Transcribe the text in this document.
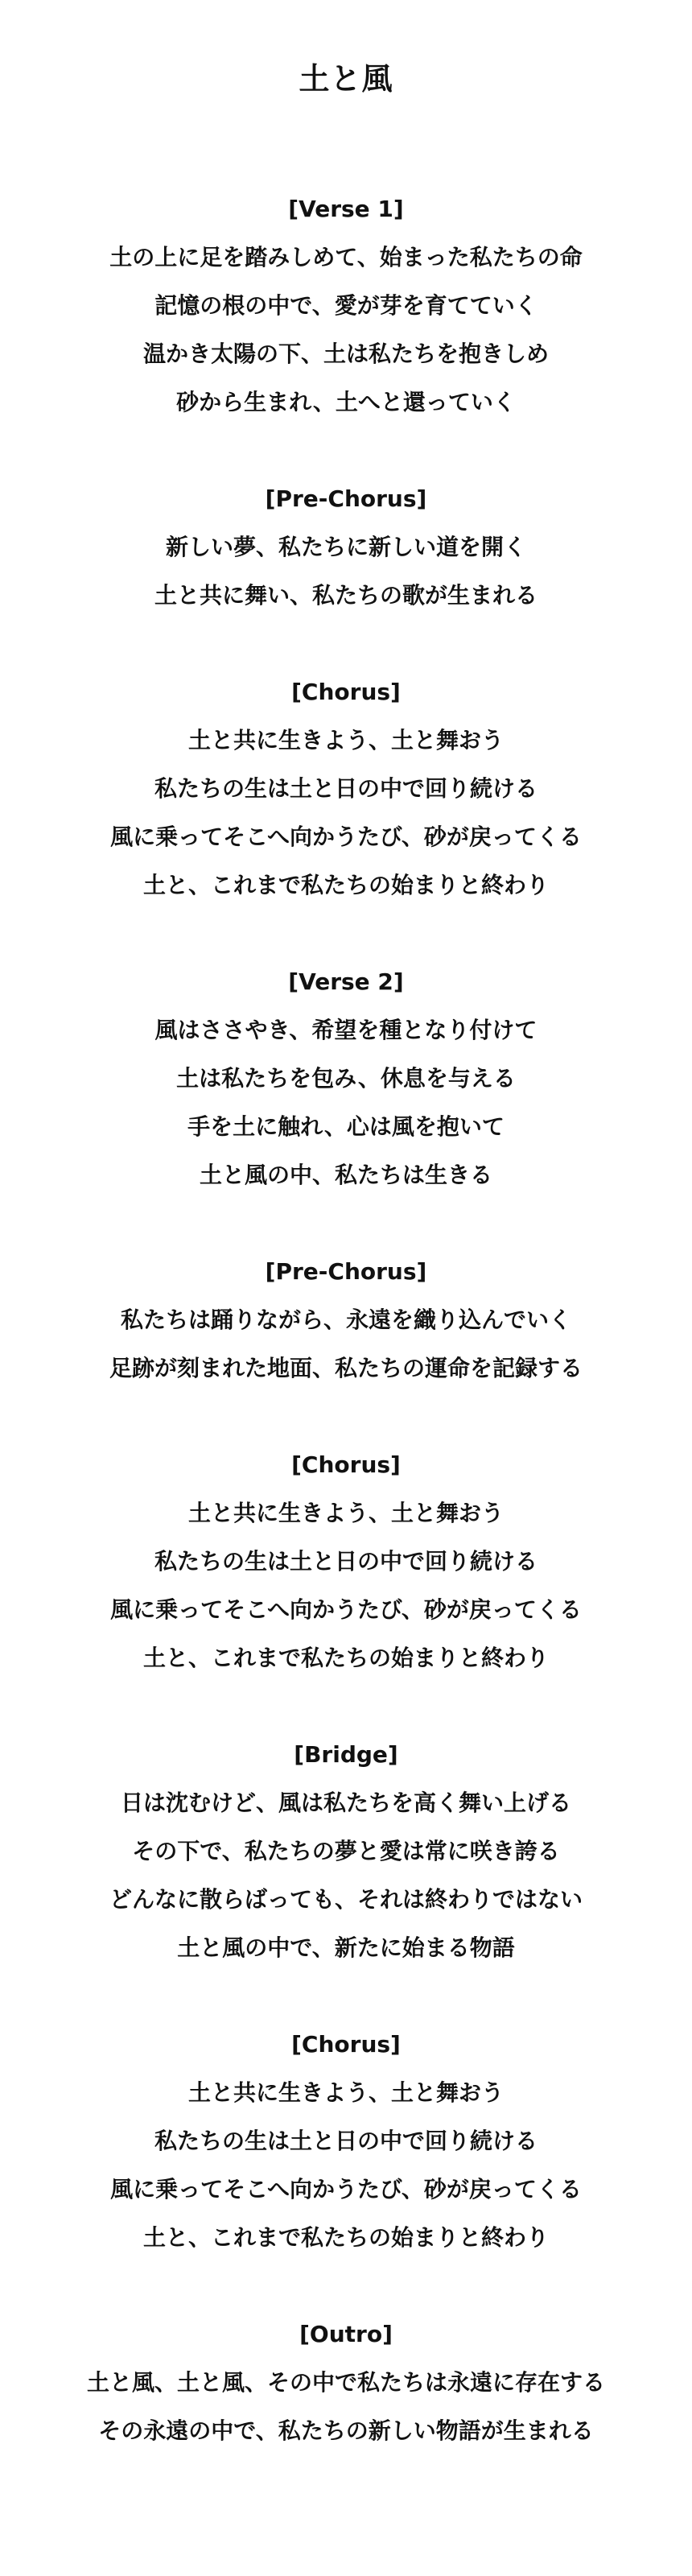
土と風
[Verse 1]
土の上に足を踏みしめて、始まった私たちの命
記憶の根の中で、愛が芽を育てていく
温かき太陽の下、土は私たちを抱きしめ
砂から生まれ、土へと還っていく
[Pre-Chorus]
新しい夢、私たちに新しい道を開く
土と共に舞い、私たちの歌が生まれる
[Chorus]
土と共に生きよう、土と舞おう
私たちの生は土と日の中で回り続ける
風に乗ってそこへ向かうたび、砂が戻ってくる
土と、これまで私たちの始まりと終わり
[Verse 2]
風はささやき、希望を種となり付けて
土は私たちを包み、休息を与える
手を土に触れ、心は風を抱いて
土と風の中、私たちは生きる
[Pre-Chorus]
私たちは踊りながら、永遠を織り込んでいく
足跡が刻まれた地面、私たちの運命を記録する
[Chorus]
土と共に生きよう、土と舞おう
私たちの生は土と日の中で回り続ける
風に乗ってそこへ向かうたび、砂が戻ってくる
土と、これまで私たちの始まりと終わり
[Bridge]
日は沈むけど、風は私たちを高く舞い上げる
その下で、私たちの夢と愛は常に咲き誇る
どんなに散らばっても、それは終わりではない
土と風の中で、新たに始まる物語
[Chorus]
土と共に生きよう、土と舞おう
私たちの生は土と日の中で回り続ける
風に乗ってそこへ向かうたび、砂が戻ってくる
土と、これまで私たちの始まりと終わり
[Outro]
土と風、土と風、その中で私たちは永遠に存在する
その永遠の中で、私たちの新しい物語が生まれる
